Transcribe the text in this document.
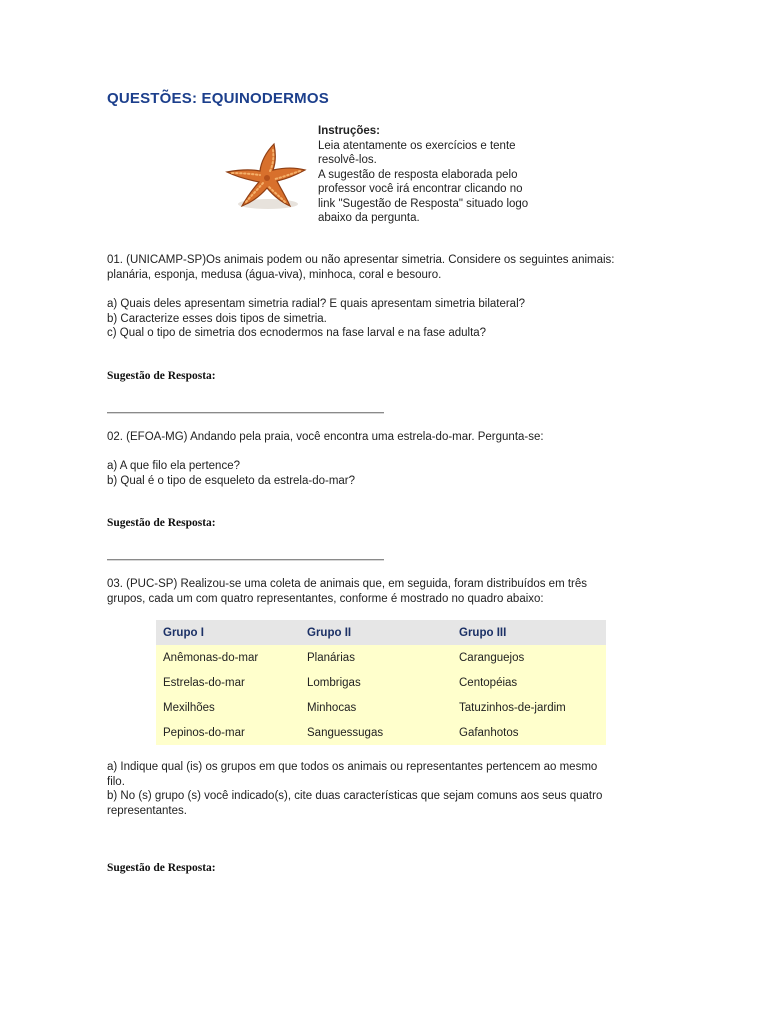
QUESTÕES: EQUINODERMOS
Instruções:
Leia atentamente os exercícios e tente
resolvê-los.
A sugestão de resposta elaborada pelo
professor você irá encontrar clicando no
link "Sugestão de Resposta" situado logo
abaixo da pergunta.
01. (UNICAMP-SP)Os animais podem ou não apresentar simetria. Considere os seguintes animais:
planária, esponja, medusa (água-viva), minhoca, coral e besouro.
a) Quais deles apresentam simetria radial? E quais apresentam simetria bilateral?
b) Caracterize esses dois tipos de simetria.
c) Qual o tipo de simetria dos ecnodermos na fase larval e na fase adulta?
Sugestão de Resposta:
02. (EFOA-MG) Andando pela praia, você encontra uma estrela-do-mar. Pergunta-se:
a) A que filo ela pertence?
b) Qual é o tipo de esqueleto da estrela-do-mar?
Sugestão de Resposta:
03. (PUC-SP) Realizou-se uma coleta de animais que, em seguida, foram distribuídos em três
grupos, cada um com quatro representantes, conforme é mostrado no quadro abaixo:
Grupo I	Grupo II	Grupo III
Anêmonas-do-mar	Planárias	Caranguejos
Estrelas-do-mar	Lombrigas	Centopéias
Mexilhões	Minhocas	Tatuzinhos-de-jardim
Pepinos-do-mar	Sanguessugas	Gafanhotos
a) Indique qual (is) os grupos em que todos os animais ou representantes pertencem ao mesmo
filo.
b) No (s) grupo (s) você indicado(s), cite duas características que sejam comuns aos seus quatro
representantes.
Sugestão de Resposta:
